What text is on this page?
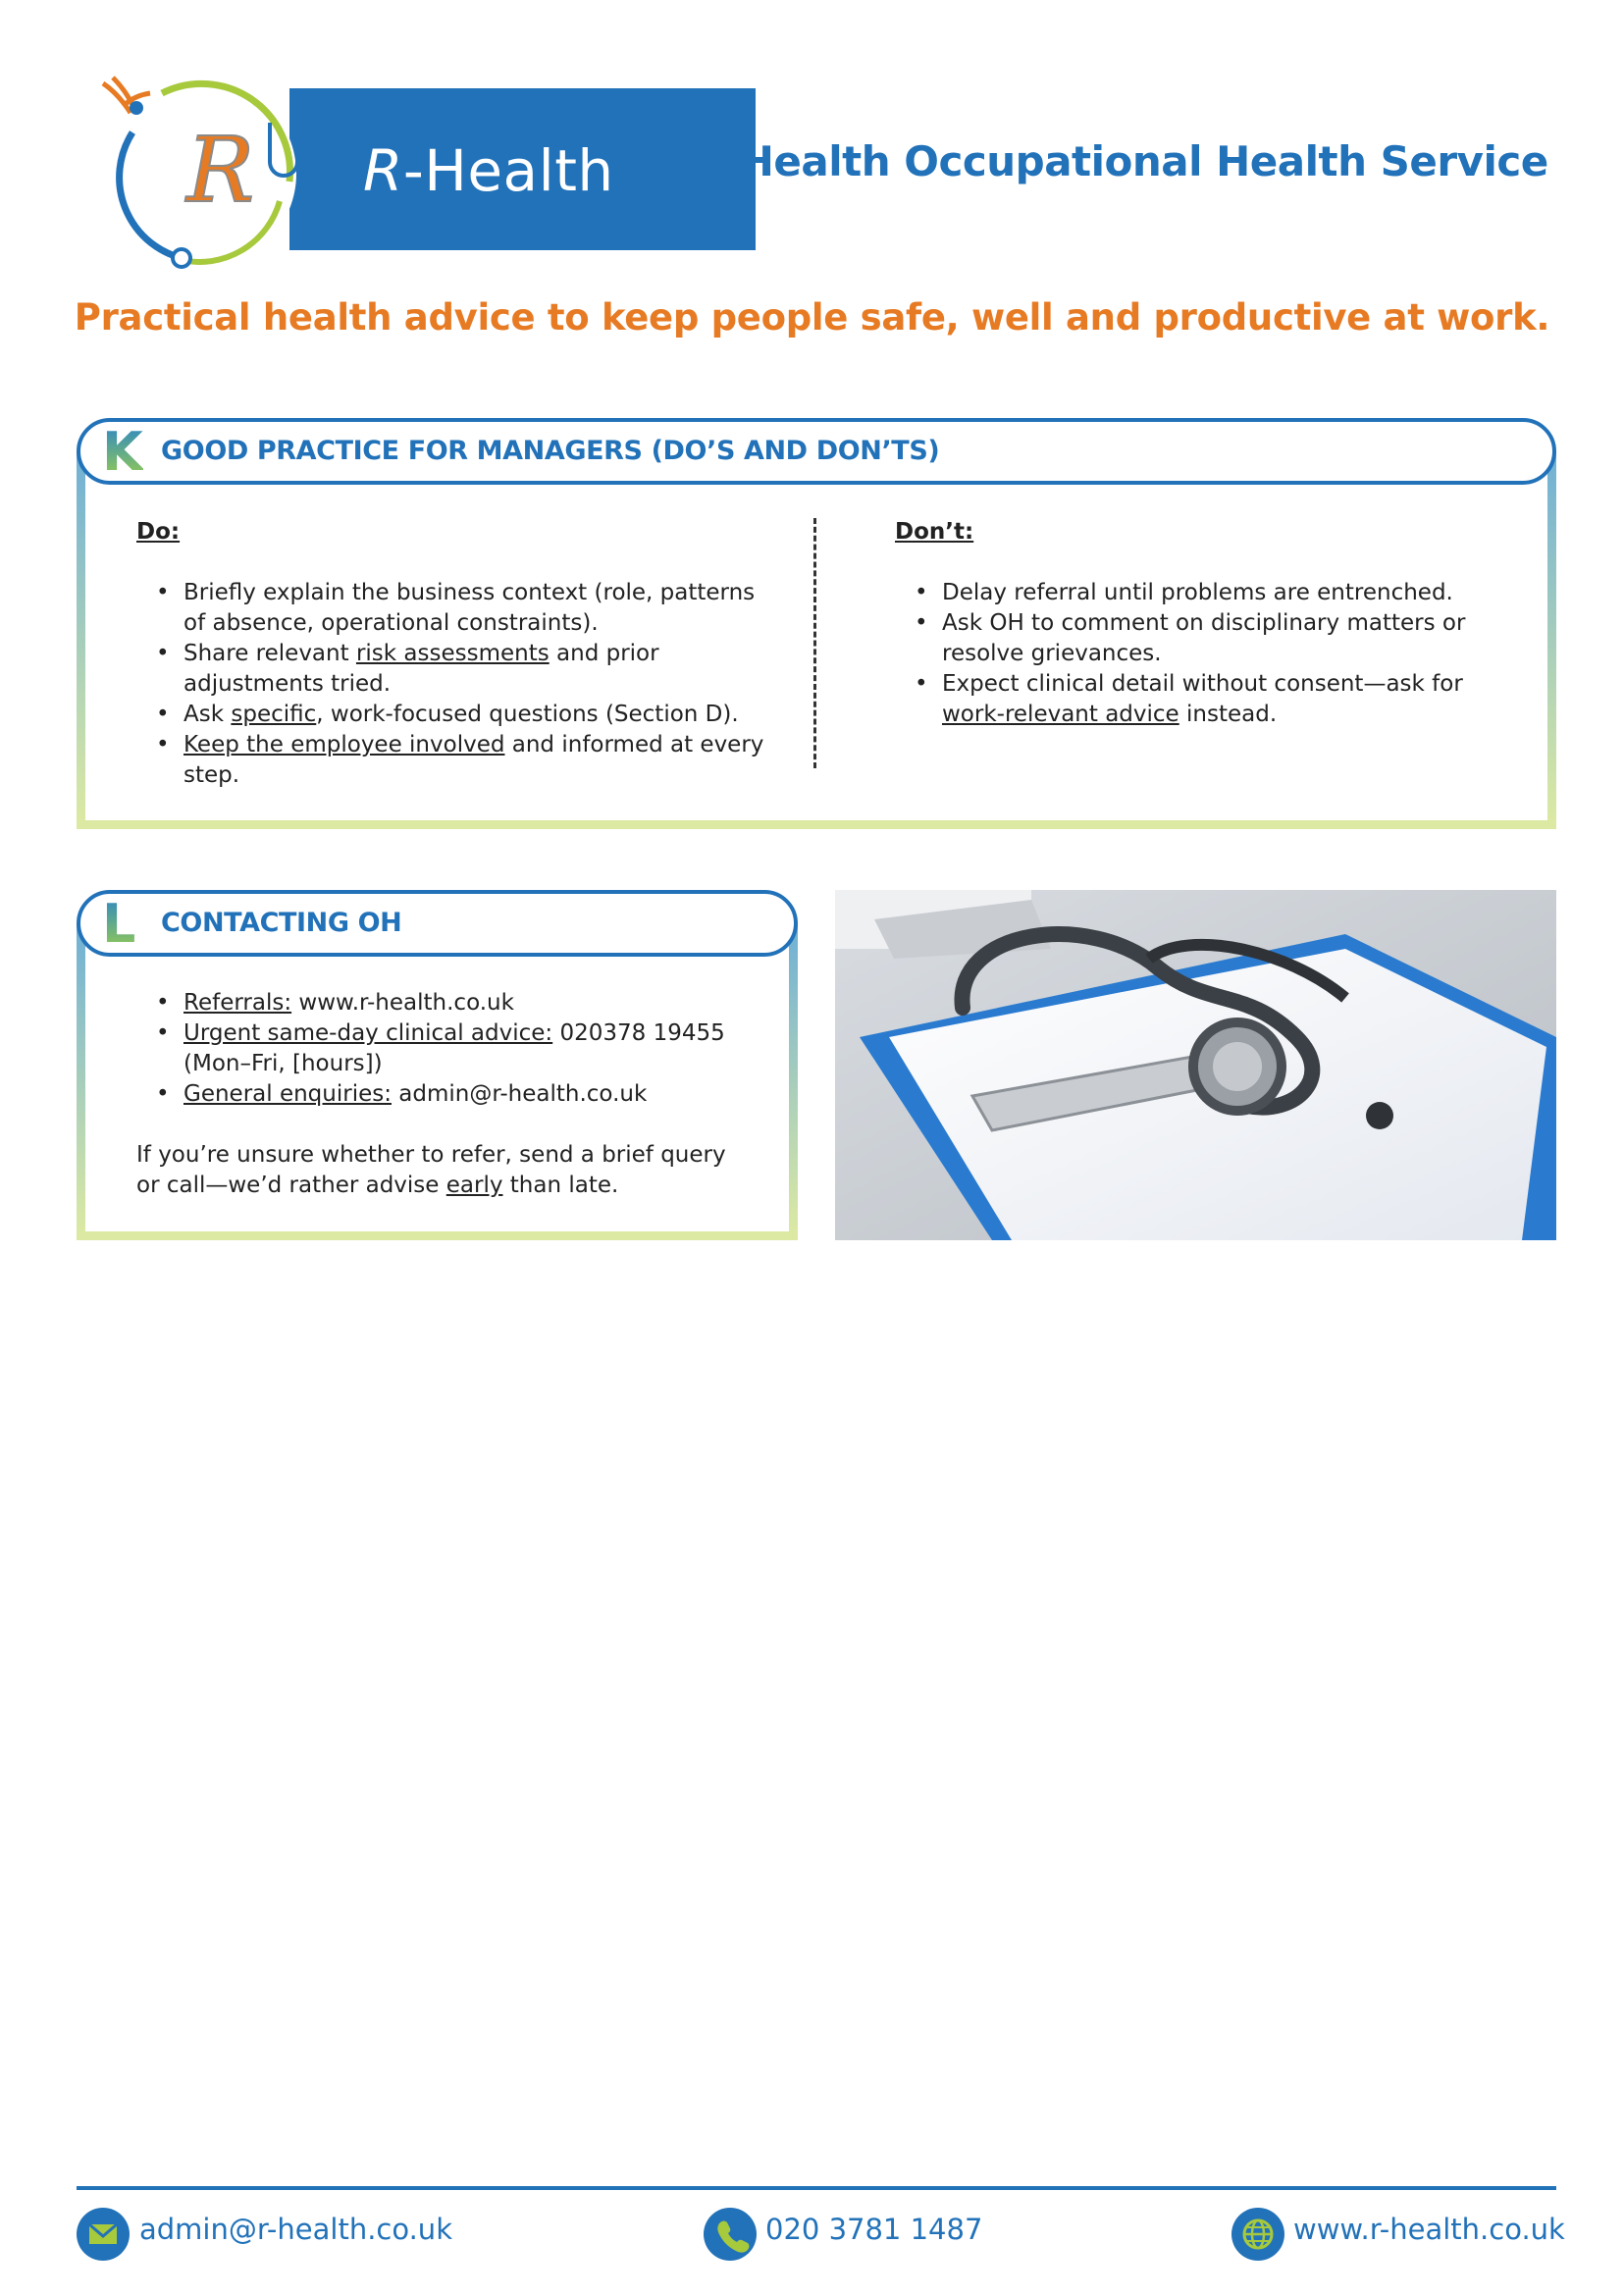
R R-Health R-Health Occupational Health Service
Practical health advice to keep people safe, well and productive at work.
K GOOD PRACTICE FOR MANAGERS (DO’S AND DON’TS)
Do:
• Briefly explain the business context (role, patterns of absence, operational constraints).
• Share relevant risk assessments and prior adjustments tried.
• Ask specific, work-focused questions (Section D).
• Keep the employee involved and informed at every step.
Don’t:
• Delay referral until problems are entrenched.
• Ask OH to comment on disciplinary matters or resolve grievances.
• Expect clinical detail without consent—ask for work-relevant advice instead.
L CONTACTING OH
• Referrals: www.r-health.co.uk
• Urgent same-day clinical advice: 020378 19455 (Mon–Fri, [hours])
• General enquiries: admin@r-health.co.uk
If you’re unsure whether to refer, send a brief query or call—we’d rather advise early than late.
admin@r-health.co.uk	020 3781 1487	www.r-health.co.uk
